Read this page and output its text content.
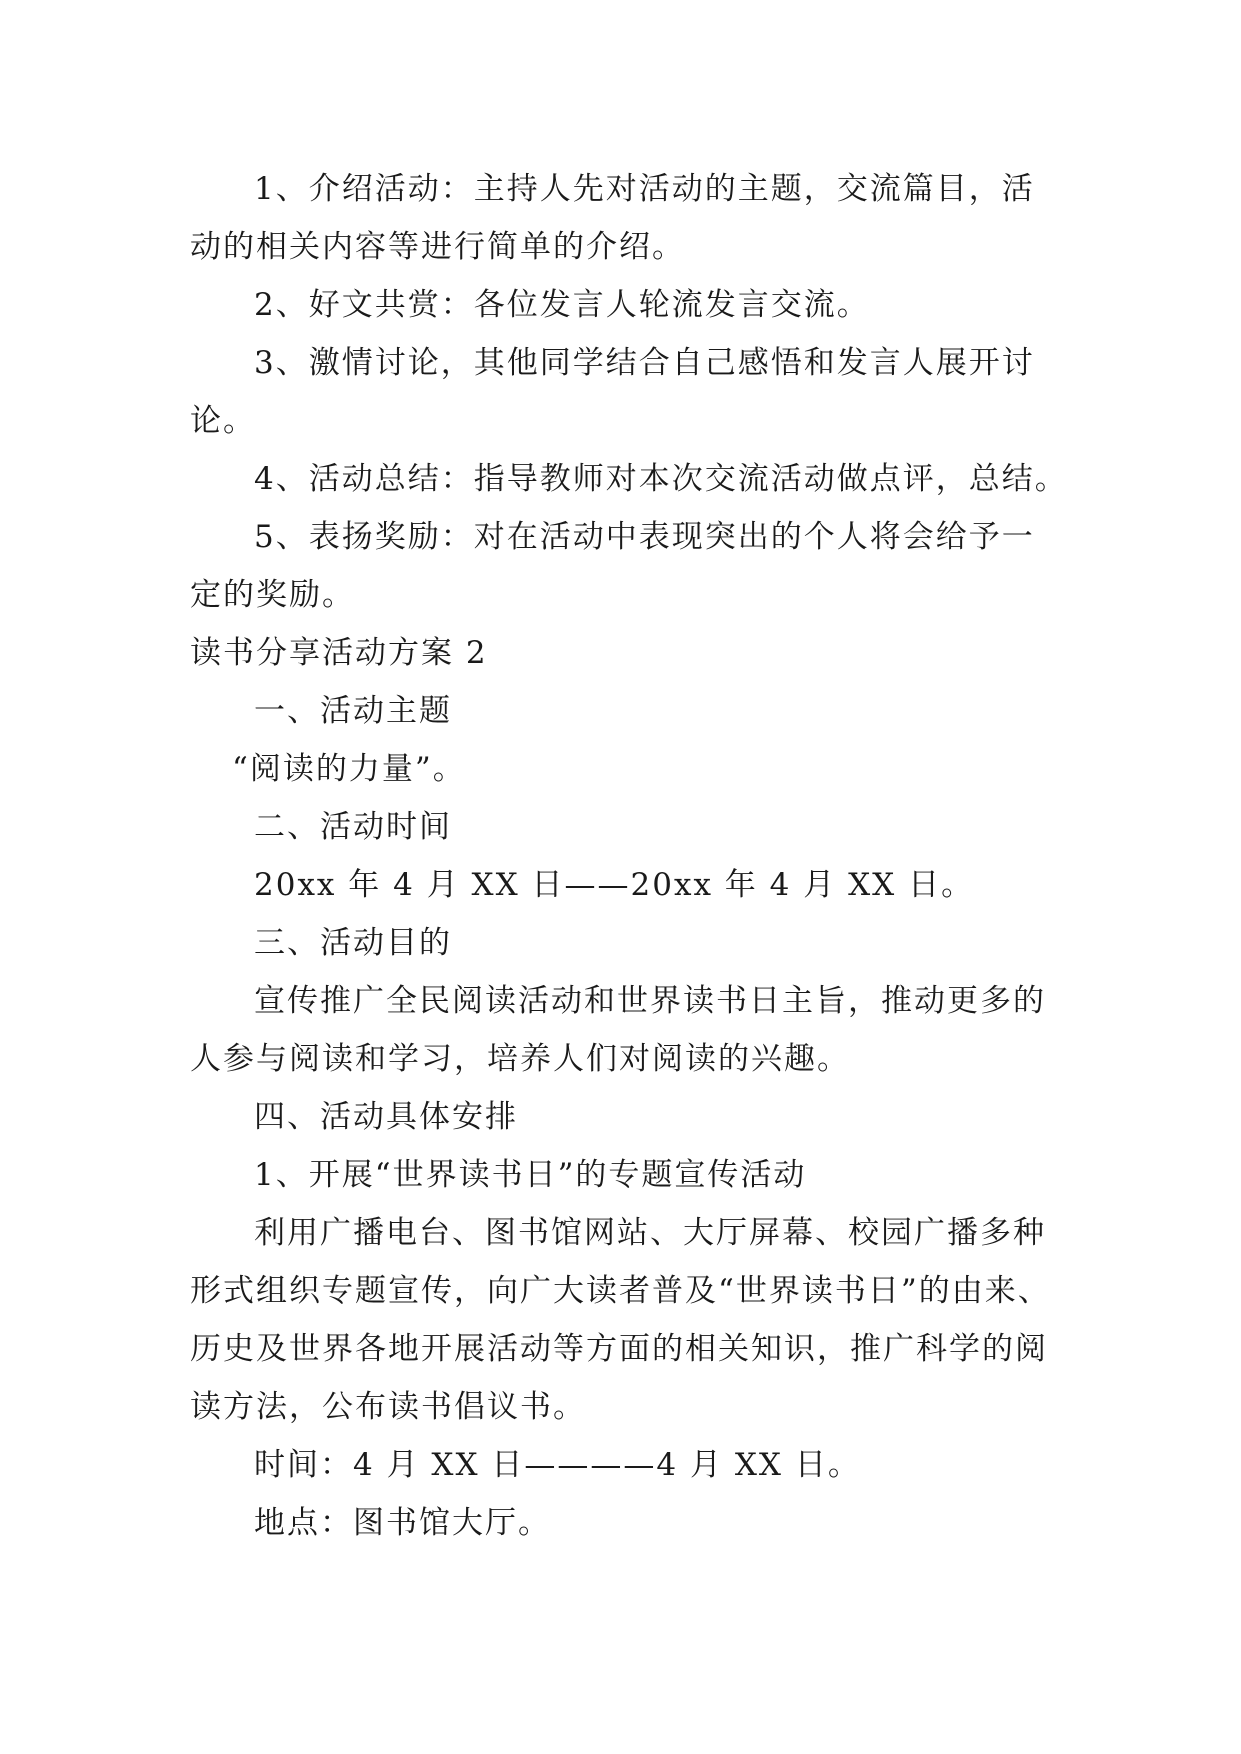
1、介绍活动：主持人先对活动的主题，交流篇目，活

动的相关内容等进行简单的介绍。

2、好文共赏：各位发言人轮流发言交流。

3、激情讨论，其他同学结合自己感悟和发言人展开讨

论。

4、活动总结：指导教师对本次交流活动做点评，总结。

5、表扬奖励：对在活动中表现突出的个人将会给予一

定的奖励。

读书分享活动方案 2

一、活动主题

“阅读的力量”。

二、活动时间

20xx 年 4 月 XX 日——20xx 年 4 月 XX 日。

三、活动目的

宣传推广全民阅读活动和世界读书日主旨，推动更多的

人参与阅读和学习，培养人们对阅读的兴趣。

四、活动具体安排

1、开展“世界读书日”的专题宣传活动

利用广播电台、图书馆网站、大厅屏幕、校园广播多种

形式组织专题宣传，向广大读者普及“世界读书日”的由来、

历史及世界各地开展活动等方面的相关知识，推广科学的阅

读方法，公布读书倡议书。

时间：4 月 XX 日————4 月 XX 日。

地点：图书馆大厅。
